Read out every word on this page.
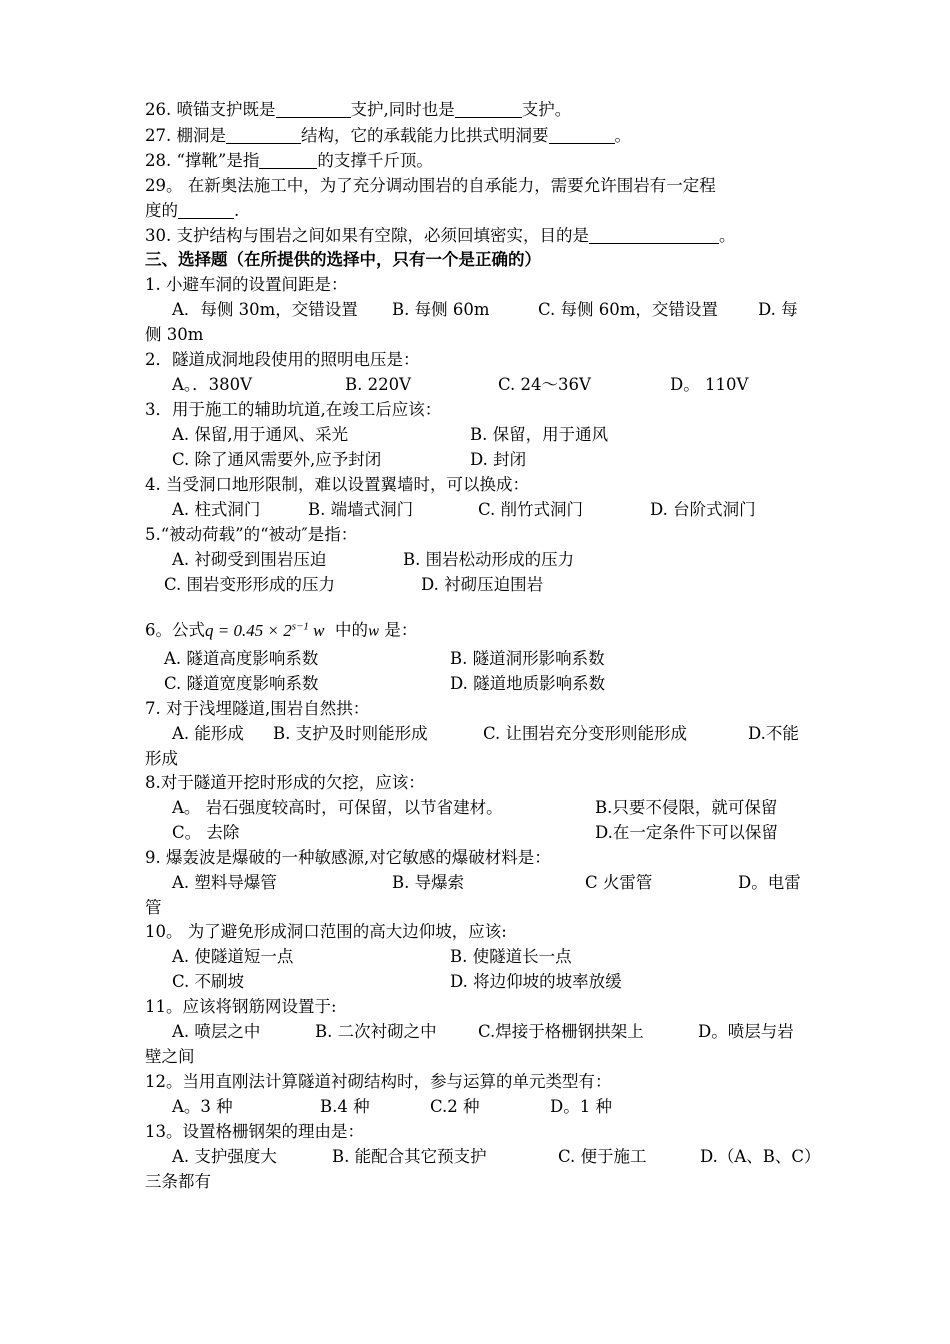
26. 喷锚支护既是	支护,同时也是	支护。
27. 棚洞是	结构，它的承载能力比拱式明洞要	。
28. “撑靴”是指	的支撑千斤顶。
29。 在新奥法施工中，为了充分调动围岩的自承能力，需要允许围岩有一定程
度的	.
30. 支护结构与围岩之间如果有空隙，必须回填密实，目的是	。
三、选择题（在所提供的选择中，只有一个是正确的）
1. 小避车洞的设置间距是：
A．每侧 30m，交错设置 B. 每侧 60m	C. 每侧 60m，交错设置 D. 每
侧 30m
2．隧道成洞地段使用的照明电压是：
A。．380V	B. 220V	C. 24～36V	D。 110V
3．用于施工的辅助坑道,在竣工后应该：
A. 保留,用于通风、采光	B. 保留，用于通风
C. 除了通风需要外,应予封闭	D. 封闭
4. 当受洞口地形限制，难以设置翼墙时，可以换成：
A. 柱式洞门	B. 端墙式洞门	C. 削竹式洞门	D. 台阶式洞门
5.“被动荷载”的“被动″是指：
A. 衬砌受到围岩压迫	B. 围岩松动形成的压力
C. 围岩变形形成的压力	D. 衬砌压迫围岩
6。公式$q = 0.45 \times 2^{s-1}$ w 中的w 是：
A. 隧道高度影响系数	B. 隧道洞形影响系数
C. 隧道宽度影响系数	D. 隧道地质影响系数
7. 对于浅埋隧道,围岩自然拱：
A. 能形成 B. 支护及时则能形成	C. 让围岩充分变形则能形成	D.不能
形成
8.对于隧道开挖时形成的欠挖，应该：
A。 岩石强度较高时，可保留，以节省建材。	B.只要不侵限，就可保留
C。 去除	D.在一定条件下可以保留
9. 爆轰波是爆破的一种敏感源,对它敏感的爆破材料是：
A. 塑料导爆管	B. 导爆索	C 火雷管	D。电雷
管
10。 为了避免形成洞口范围的高大边仰坡，应该:
A. 使隧道短一点	B. 使隧道长一点
C. 不刷坡	D. 将边仰坡的坡率放缓
11。应该将钢筋网设置于:
A. 喷层之中	B. 二次衬砌之中	C.焊接于格栅钢拱架上	D。喷层与岩
壁之间
12。当用直刚法计算隧道衬砌结构时，参与运算的单元类型有：
A。3 种	B.4 种	C.2 种	D。1 种
13。设置格栅钢架的理由是：
A. 支护强度大	B. 能配合其它预支护	C. 便于施工	D.（A、B、C）
三条都有
